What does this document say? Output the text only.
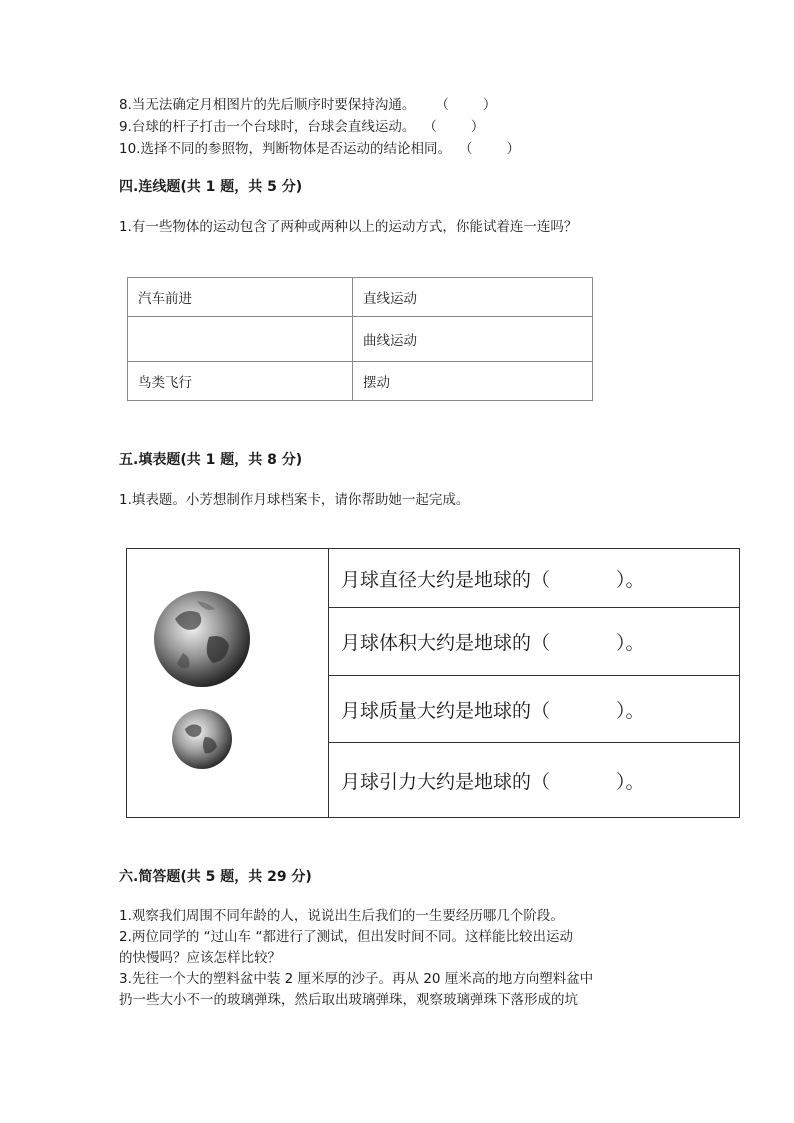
8.当无法确定月相图片的先后顺序时要保持沟通。 （	）
9.台球的杆子打击一个台球时，台球会直线运动。 （	）
10.选择不同的参照物，判断物体是否运动的结论相同。 （	）
四.连线题(共 1 题，共 5 分)
1.有一些物体的运动包含了两种或两种以上的运动方式，你能试着连一连吗？
汽车前进	直线运动
	曲线运动
鸟类飞行	摆动
五.填表题(共 1 题，共 8 分)
1.填表题。小芳想制作月球档案卡，请你帮助她一起完成。
月球直径大约是地球的（	）。
月球体积大约是地球的（	）。
月球质量大约是地球的（	）。
月球引力大约是地球的（	）。
六.简答题(共 5 题，共 29 分)
1.观察我们周围不同年龄的人，说说出生后我们的一生要经历哪几个阶段。
2.两位同学的 “过山车 “都进行了测试，但出发时间不同。这样能比较出运动
的快慢吗？应该怎样比较？
3.先往一个大的塑料盆中装 2 厘米厚的沙子。再从 20 厘米高的地方向塑料盆中
扔一些大小不一的玻璃弹珠，然后取出玻璃弹珠，观察玻璃弹珠下落形成的坑
